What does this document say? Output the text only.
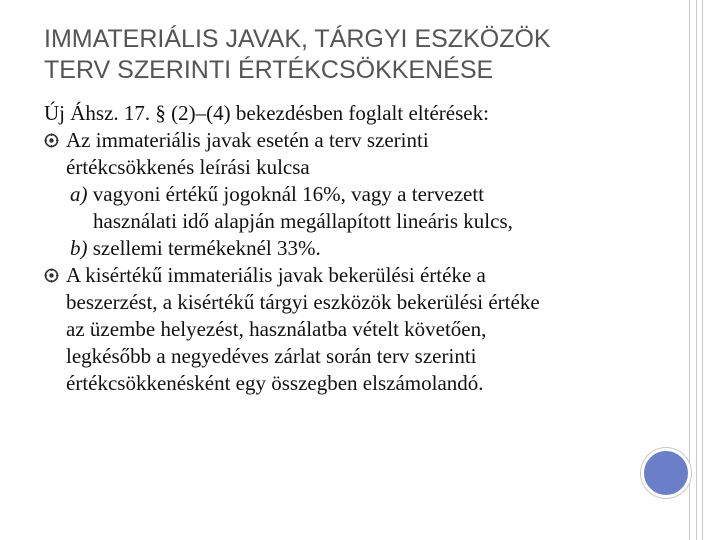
IMMATERIÁLIS JAVAK, TÁRGYI ESZKÖZÖK
TERV SZERINTI ÉRTÉKCSÖKKENÉSE
Új Áhsz. 17. § (2)–(4) bekezdésben foglalt eltérések:
Az immateriális javak esetén a terv szerinti
értékcsökkenés leírási kulcsa
a) vagyoni értékű jogoknál 16%, vagy a tervezett
használati idő alapján megállapított lineáris kulcs,
b) szellemi termékeknél 33%.
A kisértékű immateriális javak bekerülési értéke a
beszerzést, a kisértékű tárgyi eszközök bekerülési értéke
az üzembe helyezést, használatba vételt követően,
legkésőbb a negyedéves zárlat során terv szerinti
értékcsökkenésként egy összegben elszámolandó.
